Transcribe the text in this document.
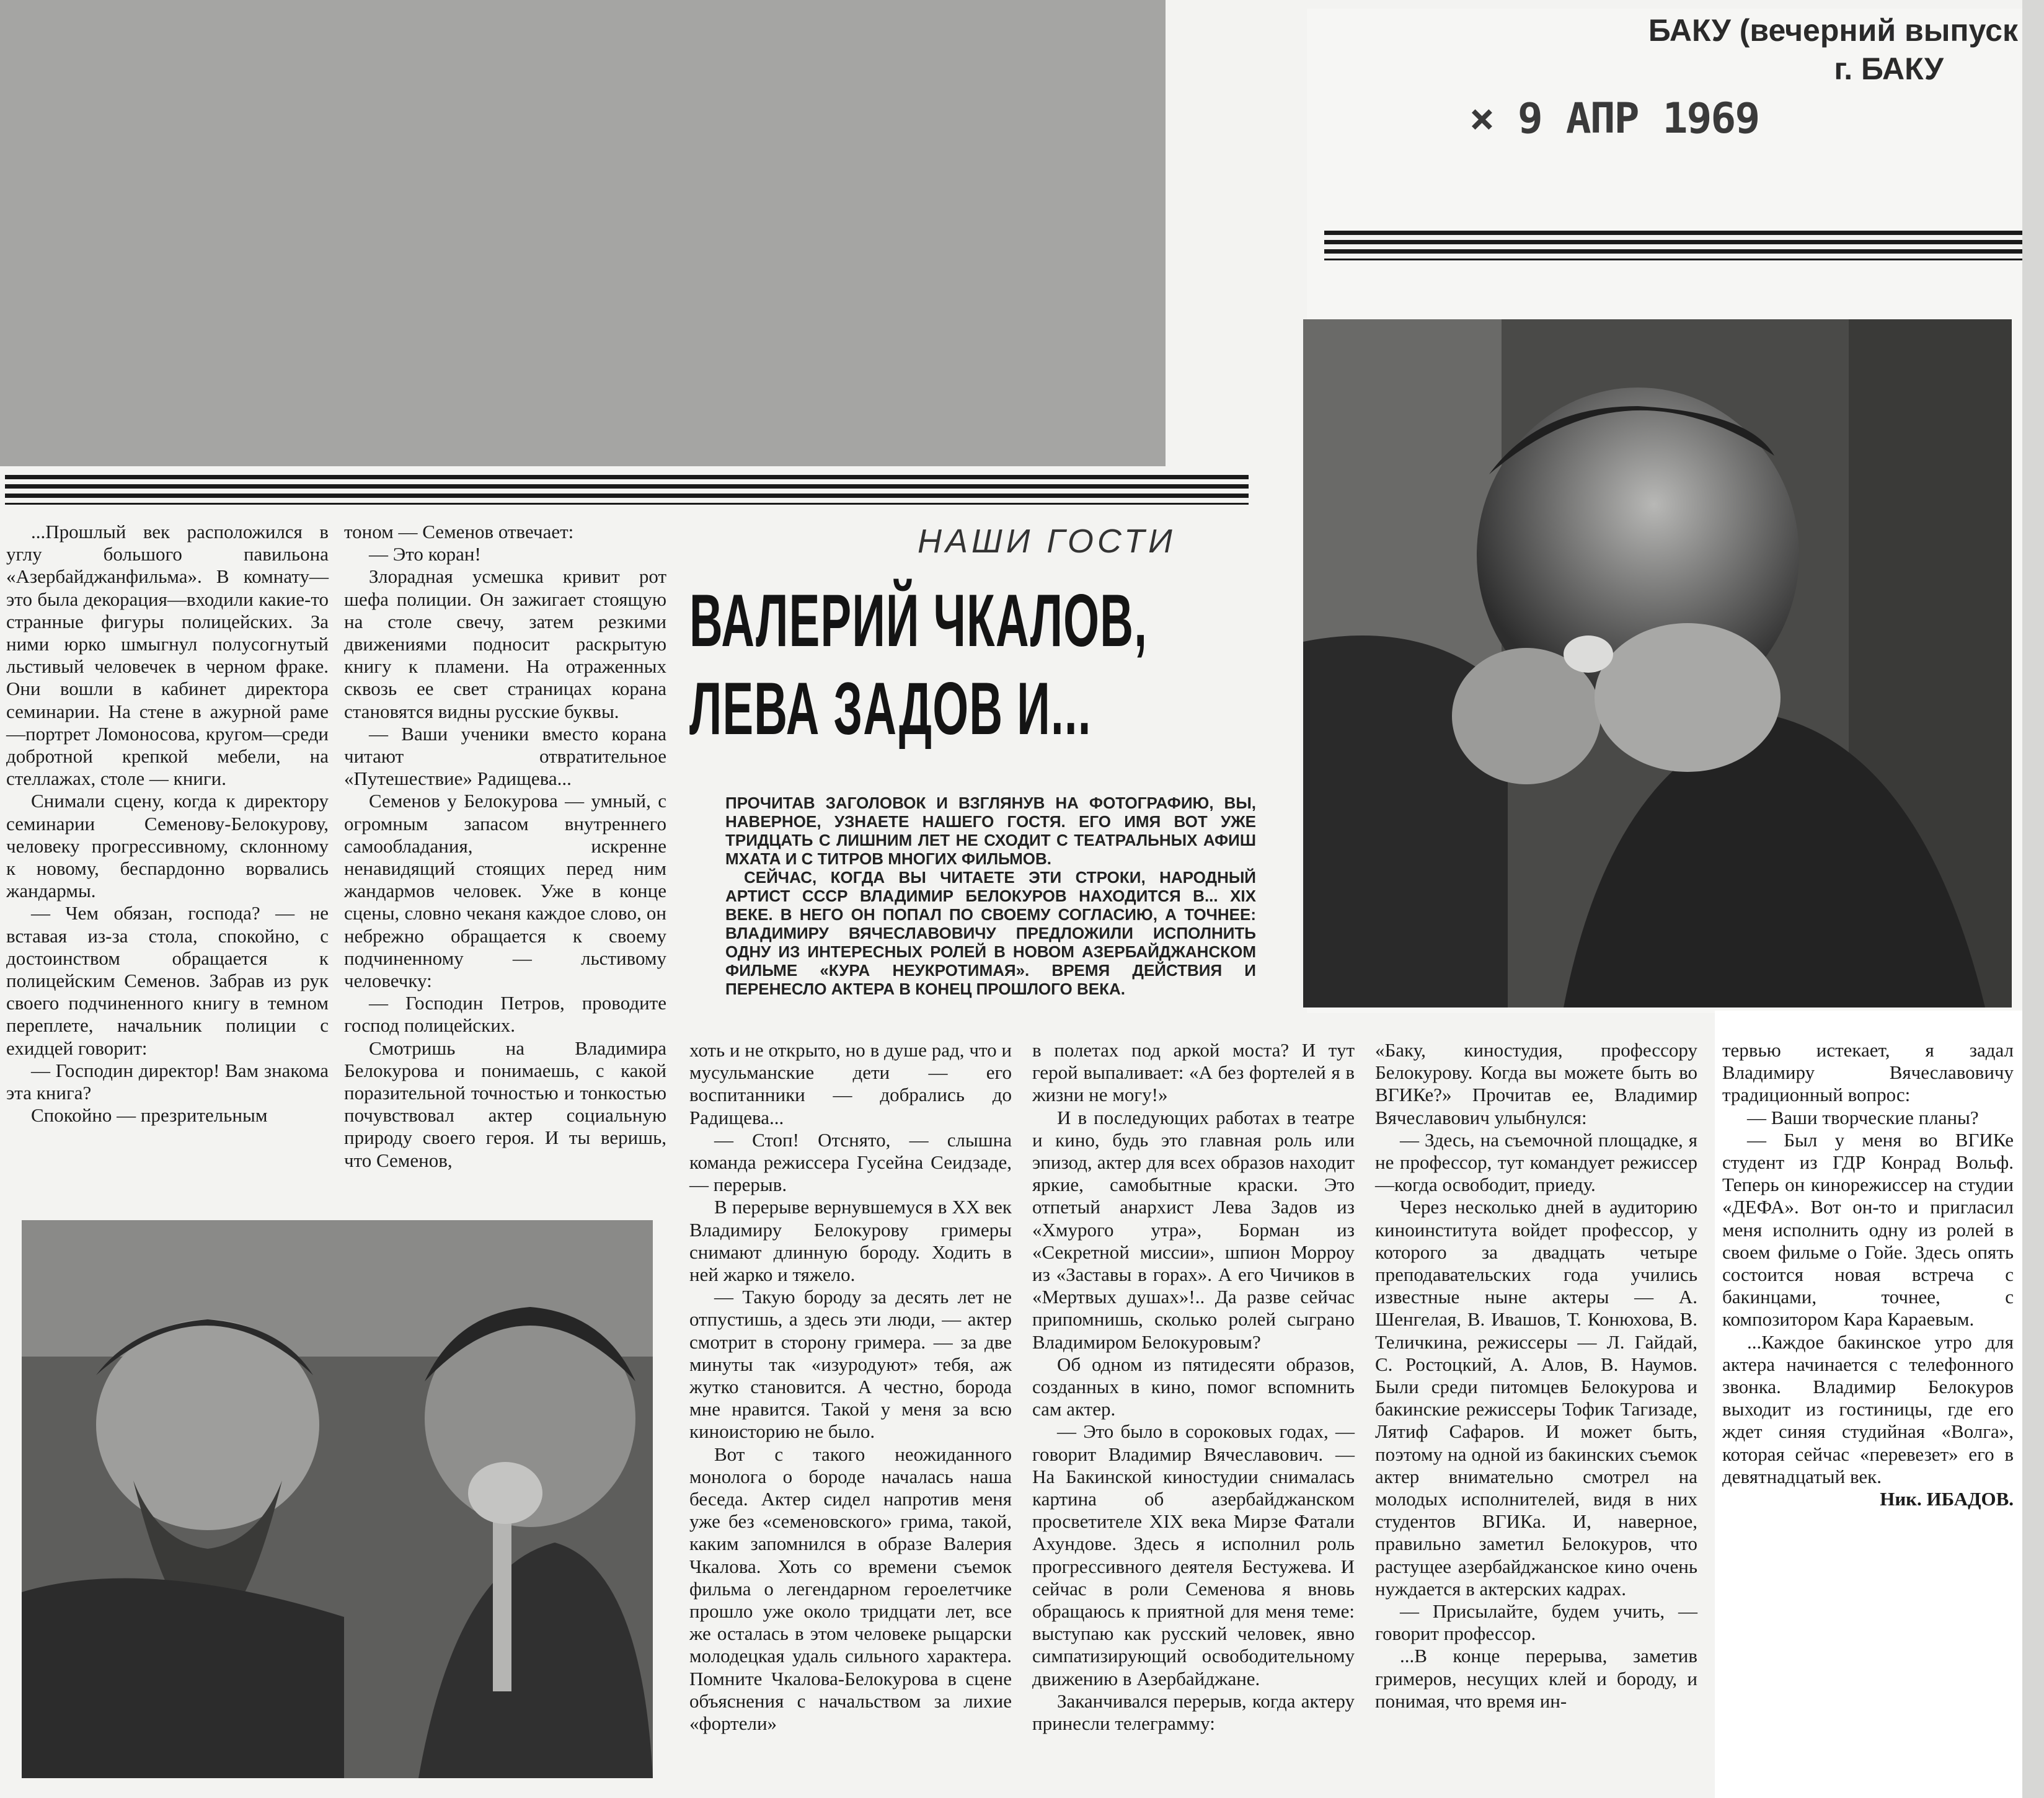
БАКУ (вечерний выпуск
г. БАКУ
× 9 АПР 1969
НАШИ ГОСТИ
ВАЛЕРИЙ ЧКАЛОВ,
ЛЕВА ЗАДОВ И...

ПРОЧИТАВ ЗАГОЛОВОК И ВЗГЛЯНУВ НА ФОТОГРАФИЮ, ВЫ, НАВЕРНОЕ, УЗНАЕТЕ НАШЕГО ГОСТЯ. ЕГО ИМЯ ВОТ УЖЕ ТРИДЦАТЬ С ЛИШНИМ ЛЕТ НЕ СХОДИТ С ТЕАТРАЛЬНЫХ АФИШ МХАТА И С ТИТРОВ МНОГИХ ФИЛЬМОВ.

СЕЙЧАС, КОГДА ВЫ ЧИТАЕТЕ ЭТИ СТРОКИ, НАРОДНЫЙ АРТИСТ СССР ВЛАДИМИР БЕЛОКУРОВ НАХОДИТСЯ В... XIX ВЕКЕ. В НЕГО ОН ПОПАЛ ПО СВОЕМУ СОГЛАСИЮ, А ТОЧНЕЕ: ВЛАДИМИРУ ВЯЧЕСЛАВОВИЧУ ПРЕДЛОЖИЛИ ИСПОЛНИТЬ ОДНУ ИЗ ИНТЕРЕСНЫХ РОЛЕЙ В НОВОМ АЗЕРБАЙДЖАНСКОМ ФИЛЬМЕ «КУРА НЕУКРОТИМАЯ». ВРЕМЯ ДЕЙСТВИЯ И ПЕРЕНЕСЛО АКТЕРА В КОНЕЦ ПРОШЛОГО ВЕКА.

...Прошлый век расположился в углу большого павильона «Азербайджанфильма». В комнату—это была декорация—входили какие-то странные фигуры полицейских. За ними юрко шмыгнул полусогнутый льстивый человечек в черном фраке. Они вошли в кабинет директора семинарии. На стене в ажурной раме—портрет Ломоносова, кругом—среди добротной крепкой мебели, на стеллажах, столе — книги.

Снимали сцену, когда к директору семинарии Семенову-Белокурову, человеку прогрессивному, склонному к новому, беспардонно ворвались жандармы.

— Чем обязан, господа? — не вставая из-за стола, спокойно, с достоинством обращается к полицейским Семенов. Забрав из рук своего подчиненного книгу в темном переплете, начальник полиции с ехидцей говорит:

— Господин директор! Вам знакома эта книга?

Спокойно — презрительным

тоном — Семенов отвечает:

— Это коран!

Злорадная усмешка кривит рот шефа полиции. Он зажигает стоящую на столе свечу, затем резкими движениями подносит раскрытую книгу к пламени. На отраженных сквозь ее свет страницах корана становятся видны русские буквы.

— Ваши ученики вместо корана читают отвратительное «Путешествие» Радищева...

Семенов у Белокурова — умный, с огромным запасом внутреннего самообладания, искренне ненавидящий стоящих перед ним жандармов человек. Уже в конце сцены, словно чеканя каждое слово, он небрежно обращается к своему подчиненному — льстивому человечку:

— Господин Петров, проводите господ полицейских.

Смотришь на Владимира Белокурова и понимаешь, с какой поразительной точностью и тонкостью почувствовал актер социальную природу своего героя. И ты веришь, что Семенов,

хоть и не открыто, но в душе рад, что и мусульманские дети — его воспитанники — добрались до Радищева...

— Стоп! Отснято, — слышна команда режиссера Гусейна Сеидзаде, — перерыв.

В перерыве вернувшемуся в XX век Владимиру Белокурову гримеры снимают длинную бороду. Ходить в ней жарко и тяжело.

— Такую бороду за десять лет не отпустишь, а здесь эти люди, — актер смотрит в сторону гримера. — за две минуты так «изуродуют» тебя, аж жутко становится. А честно, борода мне нравится. Такой у меня за всю киноисторию не было.

Вот с такого неожиданного монолога о бороде началась наша беседа. Актер сидел напротив меня уже без «семеновского» грима, такой, каким запомнился в образе Валерия Чкалова. Хоть со времени съемок фильма о легендарном героелетчике прошло уже около тридцати лет, все же осталась в этом человеке рыцарски молодецкая удаль сильного характера. Помните Чкалова-Белокурова в сцене объяснения с начальством за лихие «фортели»

в полетах под аркой моста? И тут герой выпаливает: «А без фортелей я в жизни не могу!»

И в последующих работах в театре и кино, будь это главная роль или эпизод, актер для всех образов находит яркие, самобытные краски. Это отпетый анархист Лева Задов из «Хмурого утра», Борман из «Секретной миссии», шпион Морроу из «Заставы в горах». А его Чичиков в «Мертвых душах»!.. Да разве сейчас припомнишь, сколько ролей сыграно Владимиром Белокуровым?

Об одном из пятидесяти образов, созданных в кино, помог вспомнить сам актер.

— Это было в сороковых годах, — говорит Владимир Вячеславович. — На Бакинской киностудии снималась картина об азербайджанском просветителе XIX века Мирзе Фатали Ахундове. Здесь я исполнил роль прогрессивного деятеля Бестужева. И сейчас в роли Семенова я вновь обращаюсь к приятной для меня теме: выступаю как русский человек, явно симпатизирующий освободительному движению в Азербайджане.

Заканчивался перерыв, когда актеру принесли телеграмму:

«Баку, киностудия, профессору Белокурову. Когда вы можете быть во ВГИКе?» Прочитав ее, Владимир Вячеславович улыбнулся:

— Здесь, на съемочной площадке, я не профессор, тут командует режиссер—когда освободит, приеду.

Через несколько дней в аудиторию киноинститута войдет профессор, у которого за двадцать четыре преподавательских года учились известные ныне актеры — А. Шенгелая, В. Ивашов, Т. Конюхова, В. Теличкина, режиссеры — Л. Гайдай, С. Ростоцкий, А. Алов, В. Наумов. Были среди питомцев Белокурова и бакинские режиссеры Тофик Тагизаде, Лятиф Сафаров. И может быть, поэтому на одной из бакинских съемок актер внимательно смотрел на молодых исполнителей, видя в них студентов ВГИКа. И, наверное, правильно заметил Белокуров, что растущее азербайджанское кино очень нуждается в актерских кадрах.

— Присылайте, будем учить, — говорит профессор.

...В конце перерыва, заметив гримеров, несущих клей и бороду, и понимая, что время ин-

тервью истекает, я задал Владимиру Вячеславовичу традиционный вопрос:

— Ваши творческие планы?

— Был у меня во ВГИКе студент из ГДР Конрад Вольф. Теперь он кинорежиссер на студии «ДЕФА». Вот он-то и пригласил меня исполнить одну из ролей в своем фильме о Гойе. Здесь опять состоится новая встреча с бакинцами, точнее, с композитором Кара Караевым.

...Каждое бакинское утро для актера начинается с телефонного звонка. Владимир Белокуров выходит из гостиницы, где его ждет синяя студийная «Волга», которая сейчас «перевезет» его в девятнадцатый век.

Ник. ИБАДОВ.
